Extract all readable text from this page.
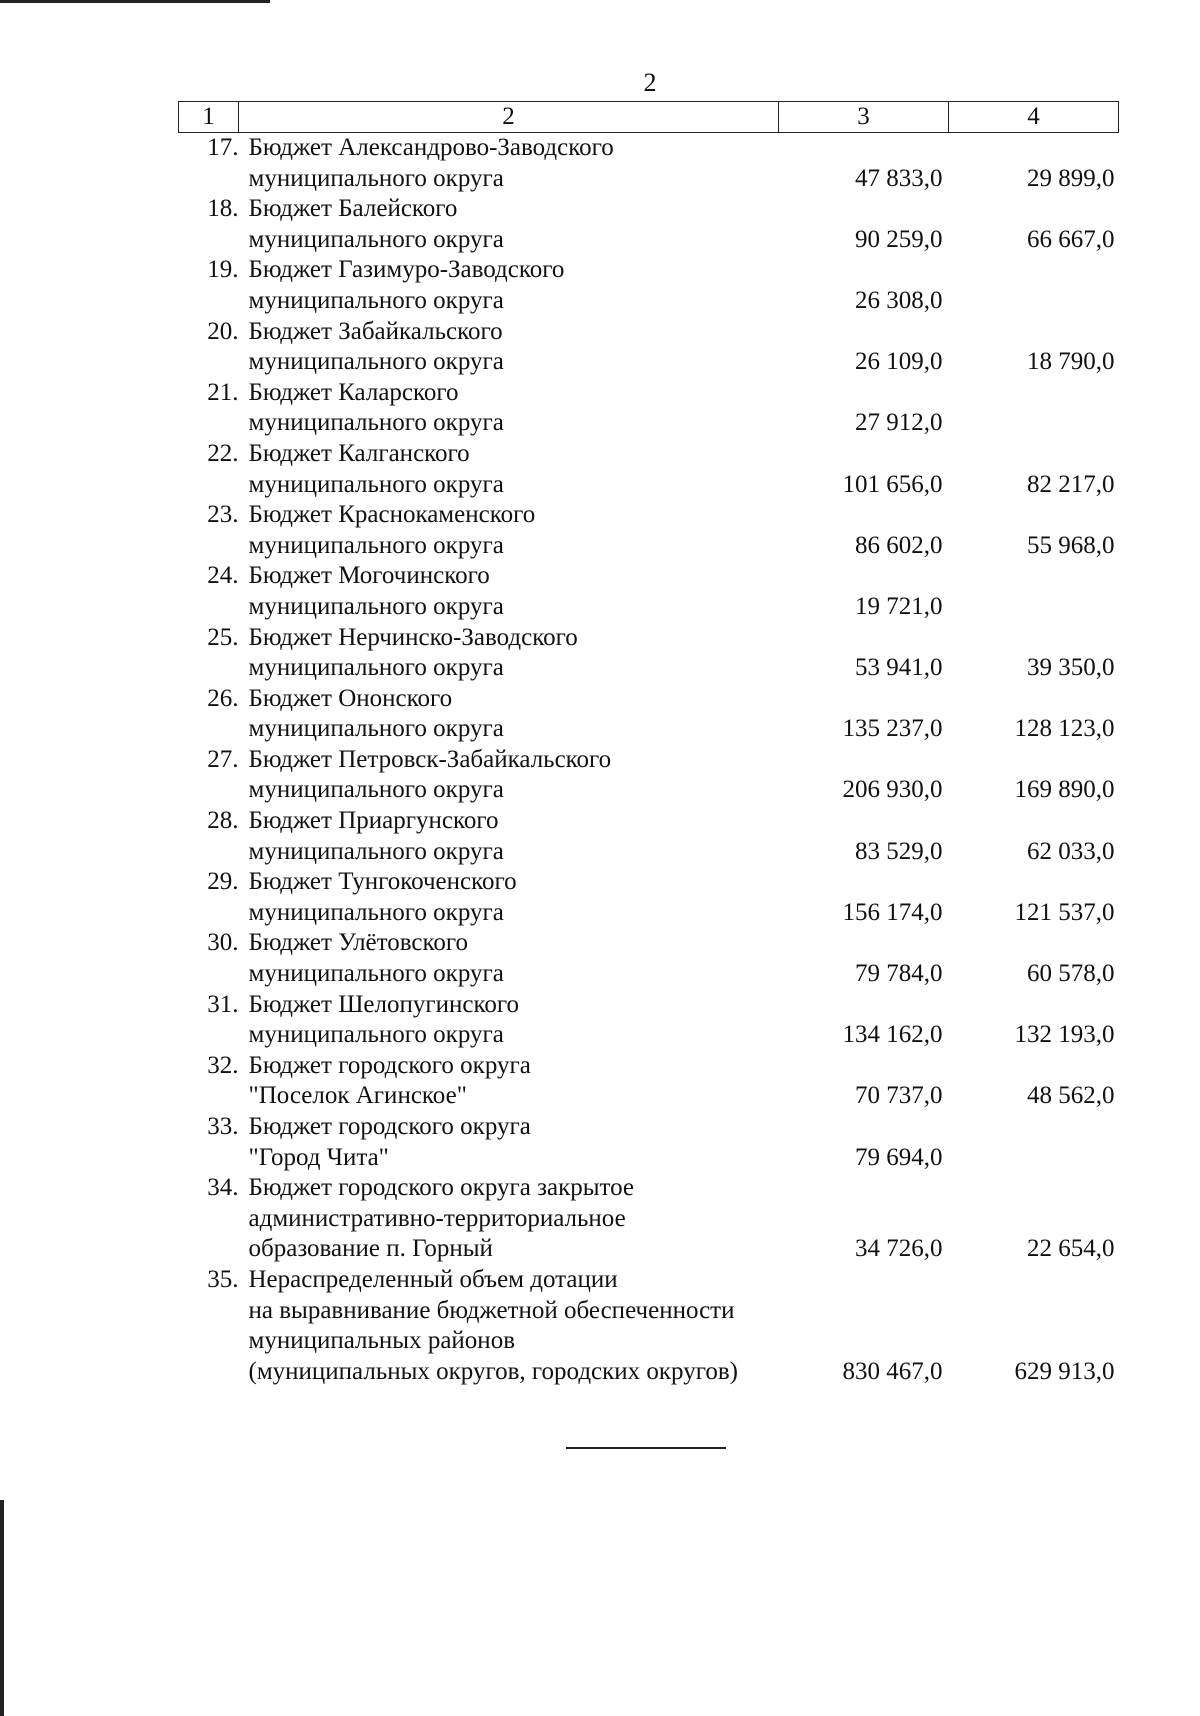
2
1	2	3	4
17.	Бюджет Александрово-Заводского
муниципального округа	47 833,0	29 899,0
18.	Бюджет Балейского
муниципального округа	90 259,0	66 667,0
19.	Бюджет Газимуро-Заводского
муниципального округа	26 308,0	
20.	Бюджет Забайкальского
муниципального округа	26 109,0	18 790,0
21.	Бюджет Каларского
муниципального округа	27 912,0	
22.	Бюджет Калганского
муниципального округа	101 656,0	82 217,0
23.	Бюджет Краснокаменского
муниципального округа	86 602,0	55 968,0
24.	Бюджет Могочинского
муниципального округа	19 721,0	
25.	Бюджет Нерчинско-Заводского
муниципального округа	53 941,0	39 350,0
26.	Бюджет Ононского
муниципального округа	135 237,0	128 123,0
27.	Бюджет Петровск-Забайкальского
муниципального округа	206 930,0	169 890,0
28.	Бюджет Приаргунского
муниципального округа	83 529,0	62 033,0
29.	Бюджет Тунгокоченского
муниципального округа	156 174,0	121 537,0
30.	Бюджет Улётовского
муниципального округа	79 784,0	60 578,0
31.	Бюджет Шелопугинского
муниципального округа	134 162,0	132 193,0
32.	Бюджет городского округа
"Поселок Агинское"	70 737,0	48 562,0
33.	Бюджет городского округа
"Город Чита"	79 694,0	
34.	Бюджет городского округа закрытое
административно-территориальное
образование п. Горный	34 726,0	22 654,0
35.	Нераспределенный объем дотации
на выравнивание бюджетной обеспеченности
муниципальных районов
(муниципальных округов, городских округов)	830 467,0	629 913,0
